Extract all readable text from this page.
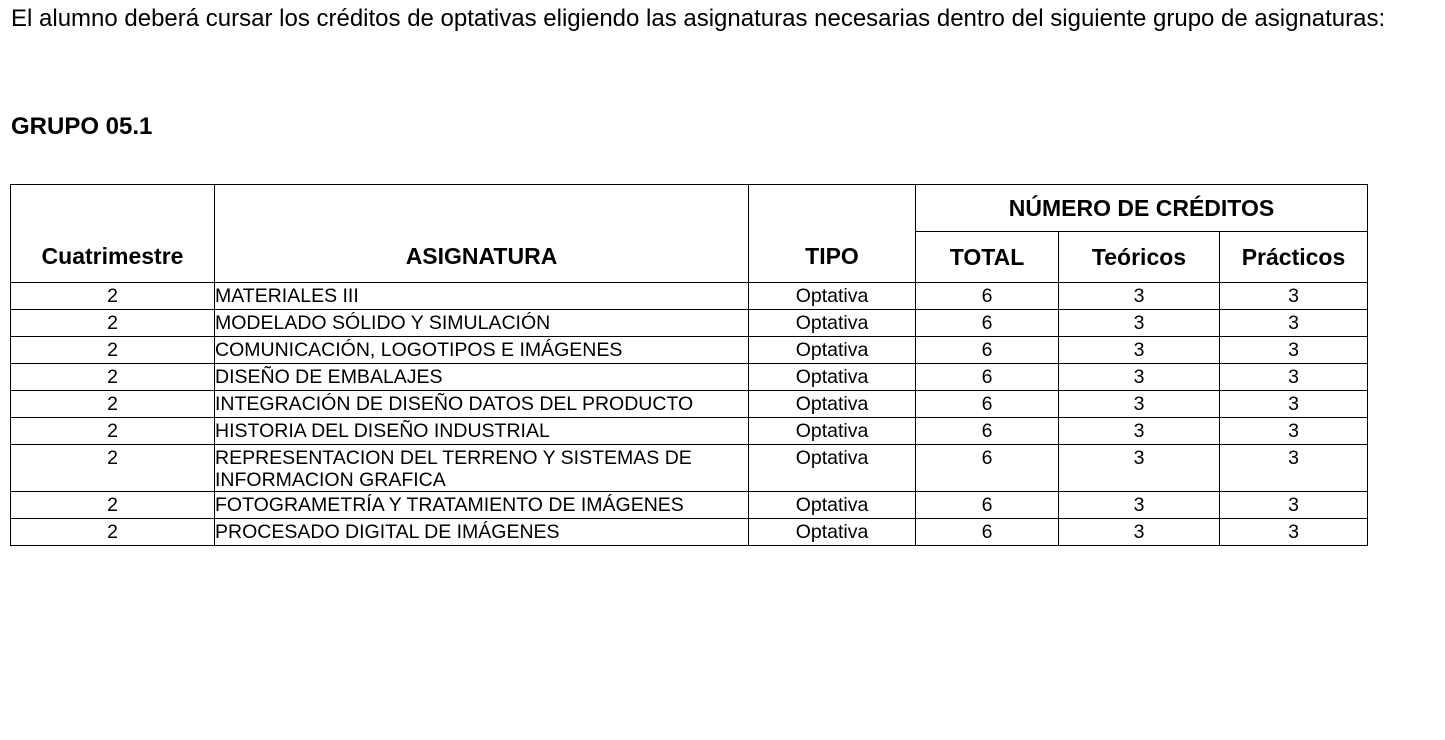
El alumno deberá cursar los créditos de optativas eligiendo las asignaturas necesarias dentro del siguiente grupo de asignaturas:

GRUPO 05.1
			NÚMERO DE CRÉDITOS		
Cuatrimestre	ASIGNATURA	TIPO	TOTAL	Teóricos	Prácticos
2	MATERIALES III	Optativa	6	3	3
2	MODELADO SÓLIDO Y SIMULACIÓN	Optativa	6	3	3
2	COMUNICACIÓN, LOGOTIPOS E IMÁGENES	Optativa	6	3	3
2	DISEÑO DE EMBALAJES	Optativa	6	3	3
2	INTEGRACIÓN DE DISEÑO DATOS DEL PRODUCTO	Optativa	6	3	3
2	HISTORIA DEL DISEÑO INDUSTRIAL	Optativa	6	3	3
2	REPRESENTACION DEL TERRENO Y SISTEMAS DE INFORMACION GRAFICA	Optativa	6	3	3
2	FOTOGRAMETRÍA Y TRATAMIENTO DE IMÁGENES	Optativa	6	3	3
2	PROCESADO DIGITAL DE IMÁGENES	Optativa	6	3	3
